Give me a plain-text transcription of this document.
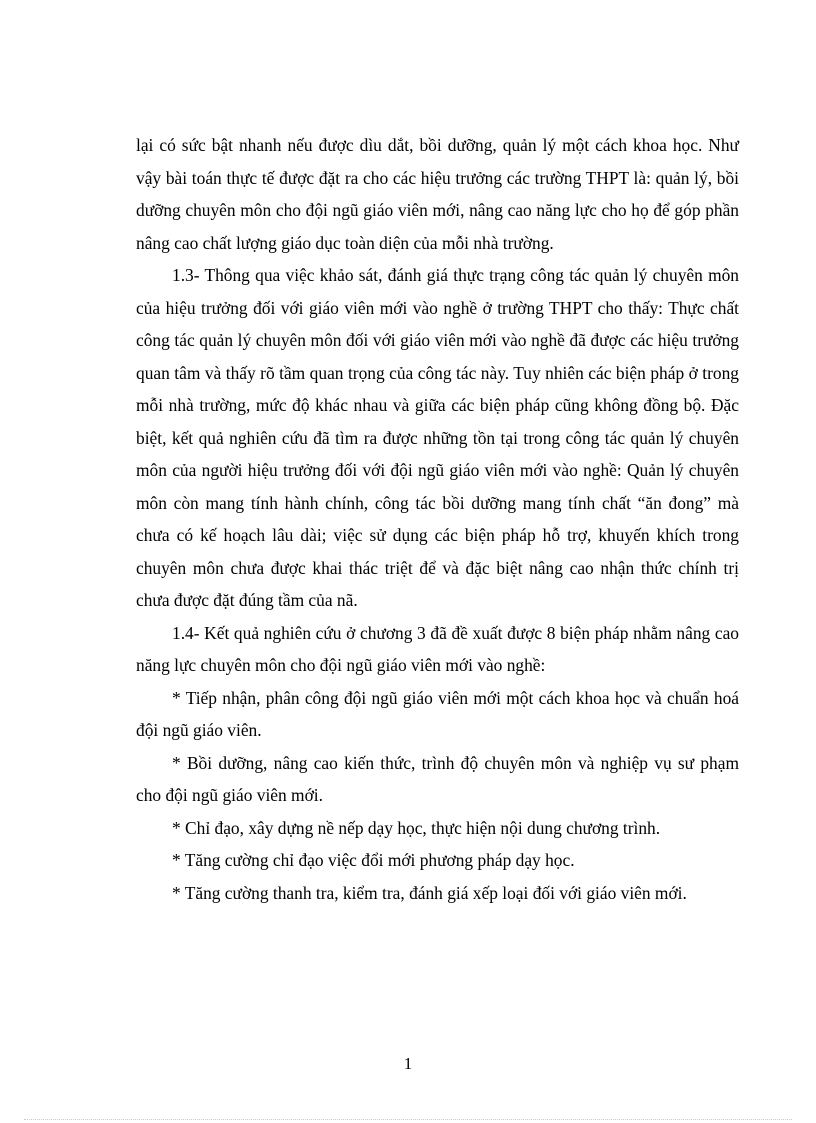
lại có sức bật nhanh nếu được dìu dắt, bồi dưỡng, quản lý một cách khoa học. Như vậy bài toán thực tế được đặt ra cho các hiệu trưởng các trường THPT là: quản lý, bồi dưỡng chuyên môn cho đội ngũ giáo viên mới, nâng cao năng lực cho họ để góp phần nâng cao chất lượng giáo dục toàn diện của mỗi nhà trường.

1.3- Thông qua việc khảo sát, đánh giá thực trạng công tác quản lý chuyên môn của hiệu trưởng đối với giáo viên mới vào nghề ở trường THPT cho thấy: Thực chất công tác quản lý chuyên môn đối với giáo viên mới vào nghề đã được các hiệu trưởng quan tâm và thấy rõ tầm quan trọng của công tác này. Tuy nhiên các biện pháp ở trong mỗi nhà trường, mức độ khác nhau và giữa các biện pháp cũng không đồng bộ. Đặc biệt, kết quả nghiên cứu đã tìm ra được những tồn tại trong công tác quản lý chuyên môn của người hiệu trưởng đối với đội ngũ giáo viên mới vào nghề: Quản lý chuyên môn còn mang tính hành chính, công tác bồi dưỡng mang tính chất “ăn đong” mà chưa có kế hoạch lâu dài; việc sử dụng các biện pháp hỗ trợ, khuyến khích trong chuyên môn chưa được khai thác triệt để và đặc biệt nâng cao nhận thức chính trị chưa được đặt đúng tầm của nã.

1.4- Kết quả nghiên cứu ở chương 3 đã đề xuất được 8 biện pháp nhằm nâng cao năng lực chuyên môn cho đội ngũ giáo viên mới vào nghề:

* Tiếp nhận, phân công đội ngũ giáo viên mới một cách khoa học và chuẩn hoá đội ngũ giáo viên.

* Bồi dưỡng, nâng cao kiến thức, trình độ chuyên môn và nghiệp vụ sư phạm cho đội ngũ giáo viên mới.

* Chỉ đạo, xây dựng nề nếp dạy học, thực hiện nội dung chương trình.

* Tăng cường chỉ đạo việc đổi mới phương pháp dạy học.

* Tăng cường thanh tra, kiểm tra, đánh giá xếp loại đối với giáo viên mới.

1
